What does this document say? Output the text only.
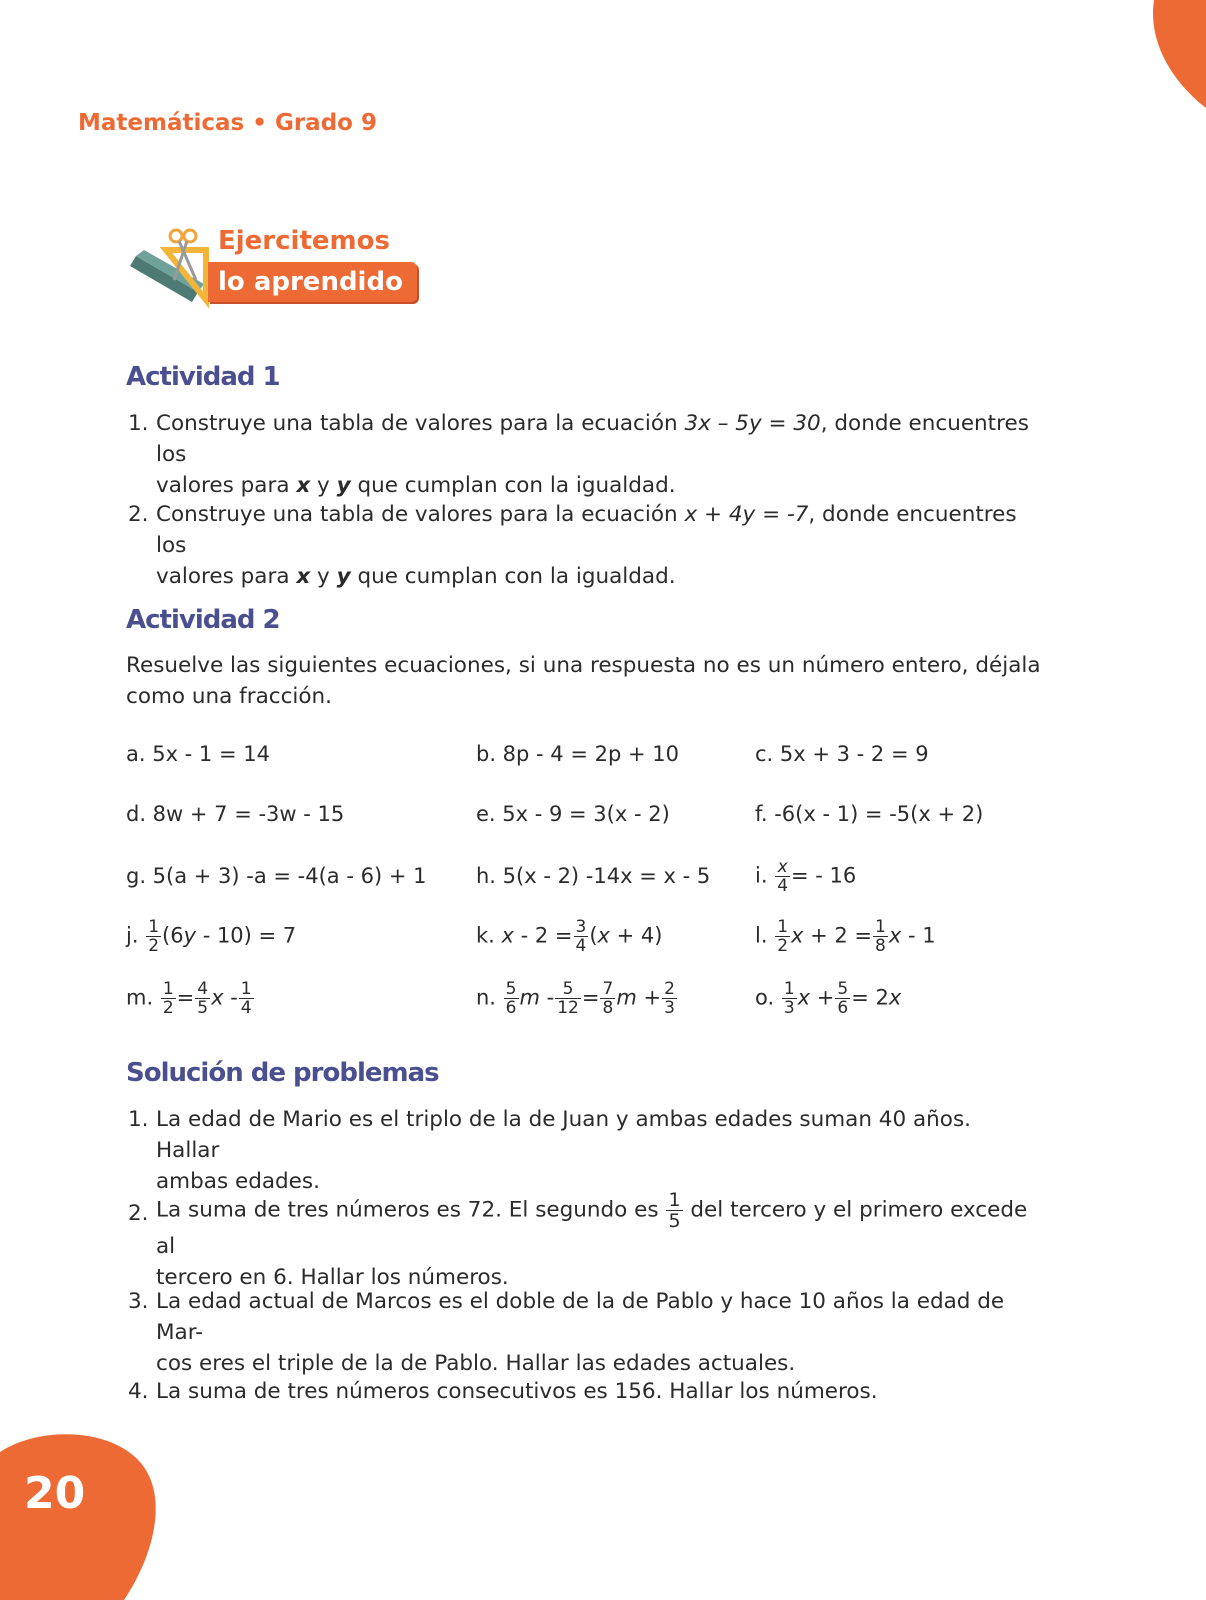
Matemáticas • Grado 9
Ejercitemos
lo aprendido
Actividad 1
1. Construye una tabla de valores para la ecuación 3x – 5y = 30, donde encuentres los
valores para x y y que cumplan con la igualdad.
2. Construye una tabla de valores para la ecuación x + 4y = -7, donde encuentres los
valores para x y y que cumplan con la igualdad.
Actividad 2
Resuelve las siguientes ecuaciones, si una respuesta no es un número entero, déjala
como una fracción.
a. 5x - 1 = 14	b. 8p - 4 = 2p + 10	c. 5x + 3 - 2 = 9
d. 8w + 7 = -3w - 15	e. 5x - 9 = 3(x - 2)	f. -6(x - 1) = -5(x + 2)
g. 5(a + 3) -a = -4(a - 6) + 1 h. 5(x - 2) -14x = x - 5 i. $\frac{x}{4}$ = - 16
j. $\frac{1}{2} (6y - 10) = 7$	k. $x - 2 = \frac{3}{4} (x + 4)$	l. $\frac{1}{2}$ $x + 2 = \frac{1}{8}$ x - 1
m. $\frac{1}{2} = \frac{4}{5}$ x - $\frac{1}{4}$	n. $\frac{5}{6}$ $m - \frac{5}{12} = \frac{7}{8}$ $m + \frac{2}{3}$	o. $\frac{1}{3}$ $x + \frac{5}{6} = 2x$
Solución de problemas
1. La edad de Mario es el triplo de la de Juan y ambas edades suman 40 años. Hallar
ambas edades.
2. La suma de tres números es 72. El segundo es $\frac{1}{5}$ del tercero y el primero excede al
tercero en 6. Hallar los números.
3. La edad actual de Marcos es el doble de la de Pablo y hace 10 años la edad de Mar-
cos eres el triple de la de Pablo. Hallar las edades actuales.
4. La suma de tres números consecutivos es 156. Hallar los números.
20
